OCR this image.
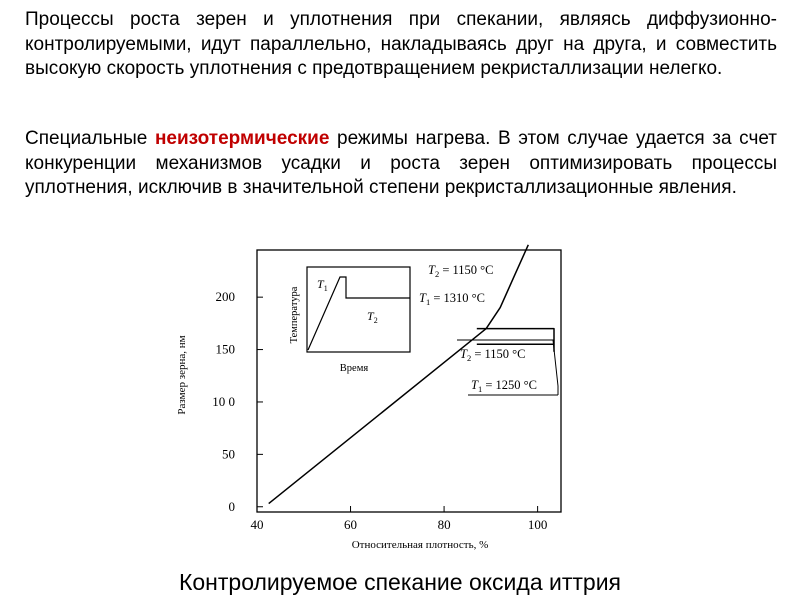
Процессы роста зерен и уплотнения при спекании, являясь диффузионно-контролируемыми, идут параллельно, накладываясь друг на друга, и совместить высокую скорость уплотнения с предотвращением рекристаллизации нелегко.

Специальные неизотермические режимы нагрева. В этом случае удается за счет конкуренции механизмов усадки и роста зерен оптимизировать процессы уплотнения, исключив в значительной степени рекристаллизационные явления.

0
50
10 0
150
200
40	60	80	100
Относительная плотность, %
Размер зерна, нм
$T_2 = 1150$ °C
$T_1 = 1310$ °C
$T_2 = 1150$ °C
$T_1 = 1250$ °C
$T_1$
$T_2$
Температура
Время

Контролируемое спекание оксида иттрия
